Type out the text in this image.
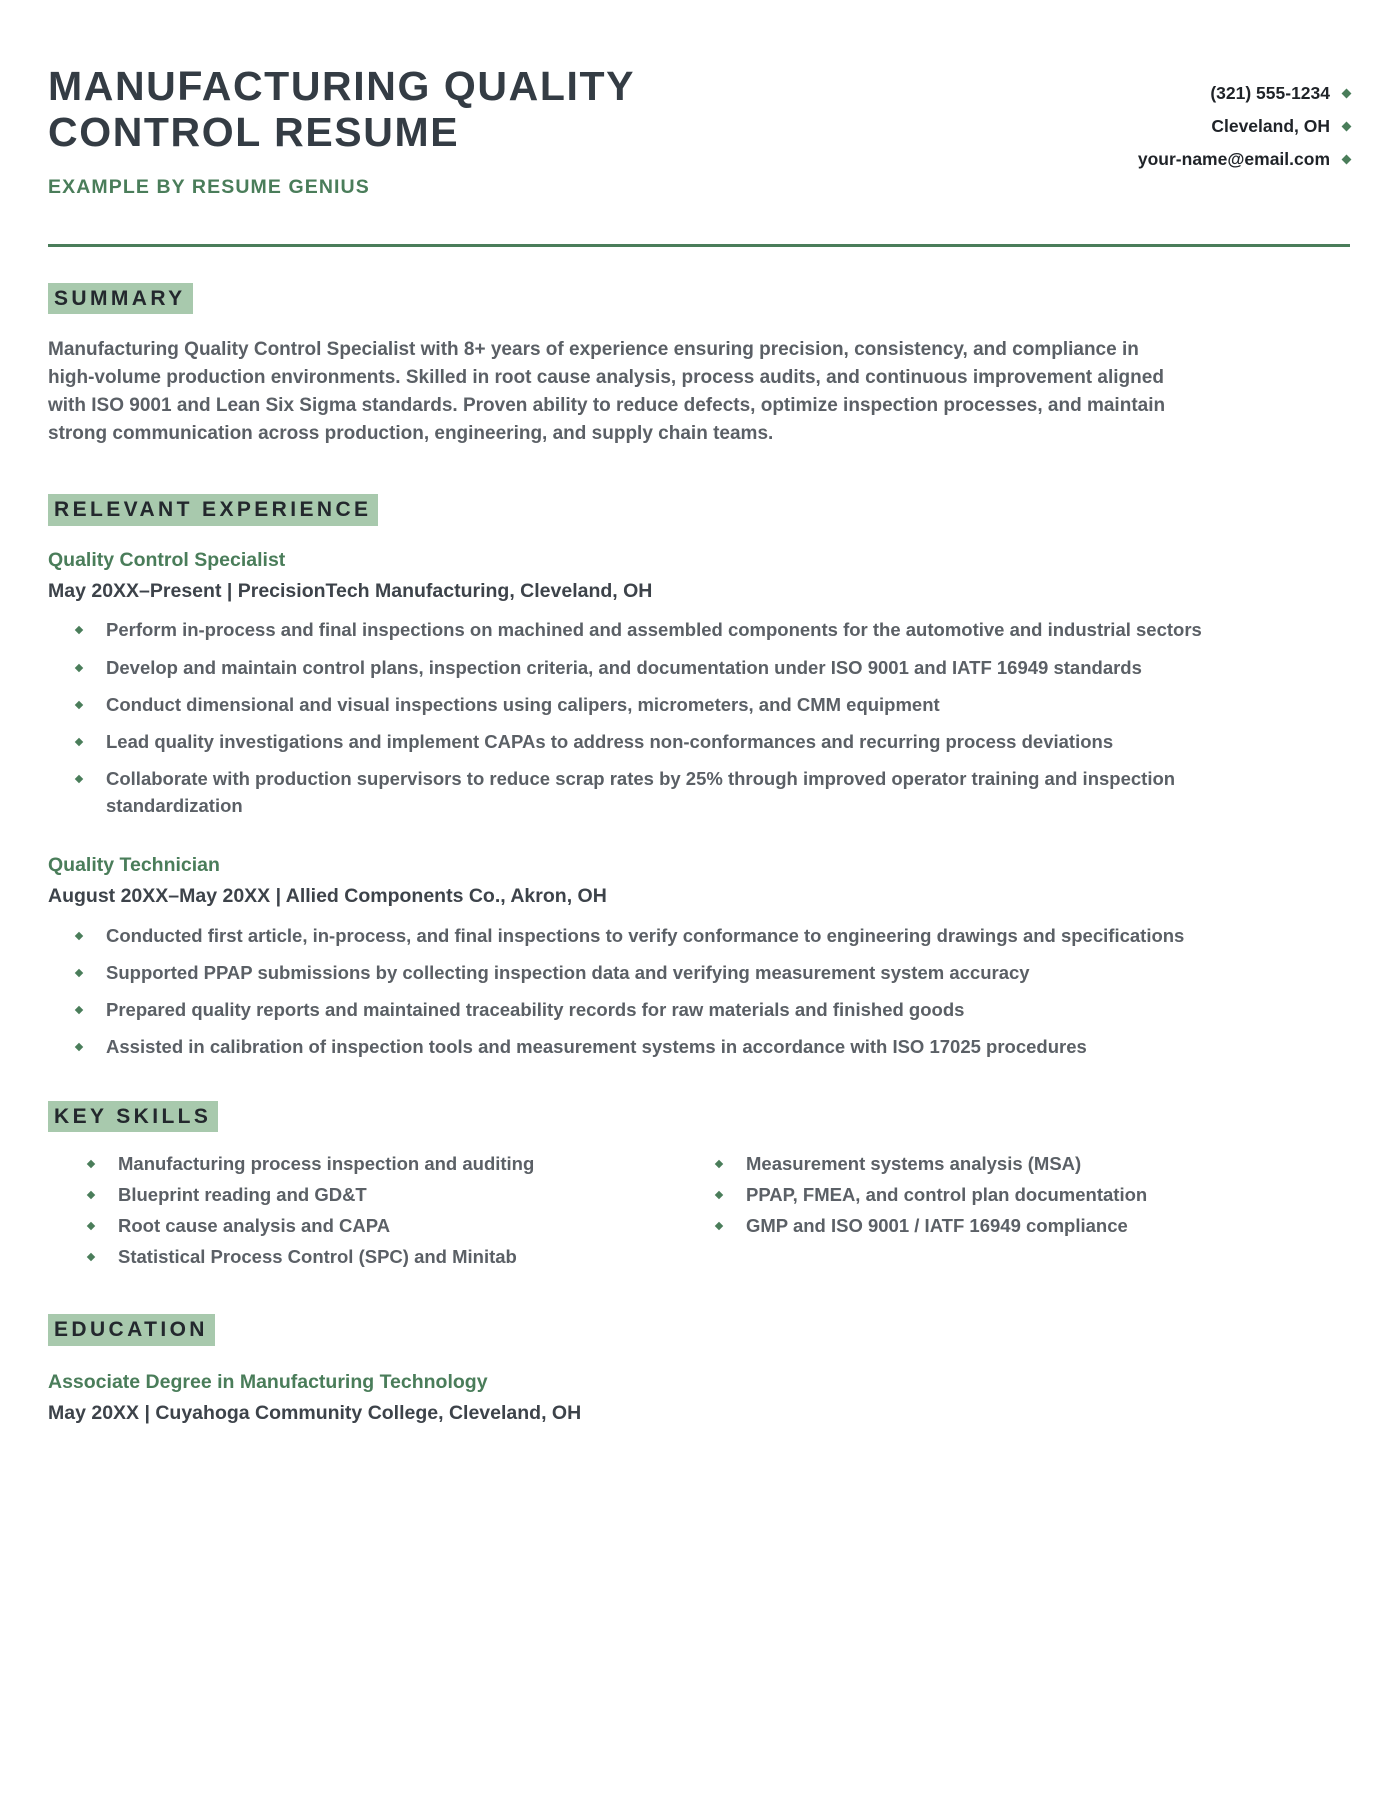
MANUFACTURING QUALITY CONTROL RESUME
EXAMPLE BY RESUME GENIUS
(321) 555-1234
Cleveland, OH
your-name@email.com
SUMMARY

Manufacturing Quality Control Specialist with 8+ years of experience ensuring precision, consistency, and compliance in high-volume production environments. Skilled in root cause analysis, process audits, and continuous improvement aligned with ISO 9001 and Lean Six Sigma standards. Proven ability to reduce defects, optimize inspection processes, and maintain strong communication across production, engineering, and supply chain teams.

RELEVANT EXPERIENCE
Quality Control Specialist
May 20XX–Present | PrecisionTech Manufacturing, Cleveland, OH
Perform in-process and final inspections on machined and assembled components for the automotive and industrial sectors
Develop and maintain control plans, inspection criteria, and documentation under ISO 9001 and IATF 16949 standards
Conduct dimensional and visual inspections using calipers, micrometers, and CMM equipment
Lead quality investigations and implement CAPAs to address non-conformances and recurring process deviations
Collaborate with production supervisors to reduce scrap rates by 25% through improved operator training and inspection standardization
Quality Technician
August 20XX–May 20XX | Allied Components Co., Akron, OH
Conducted first article, in-process, and final inspections to verify conformance to engineering drawings and specifications
Supported PPAP submissions by collecting inspection data and verifying measurement system accuracy
Prepared quality reports and maintained traceability records for raw materials and finished goods
Assisted in calibration of inspection tools and measurement systems in accordance with ISO 17025 procedures
KEY SKILLS
Manufacturing process inspection and auditing
Blueprint reading and GD&T
Root cause analysis and CAPA
Statistical Process Control (SPC) and Minitab
Measurement systems analysis (MSA)
PPAP, FMEA, and control plan documentation
GMP and ISO 9001 / IATF 16949 compliance
EDUCATION
Associate Degree in Manufacturing Technology
May 20XX | Cuyahoga Community College, Cleveland, OH
